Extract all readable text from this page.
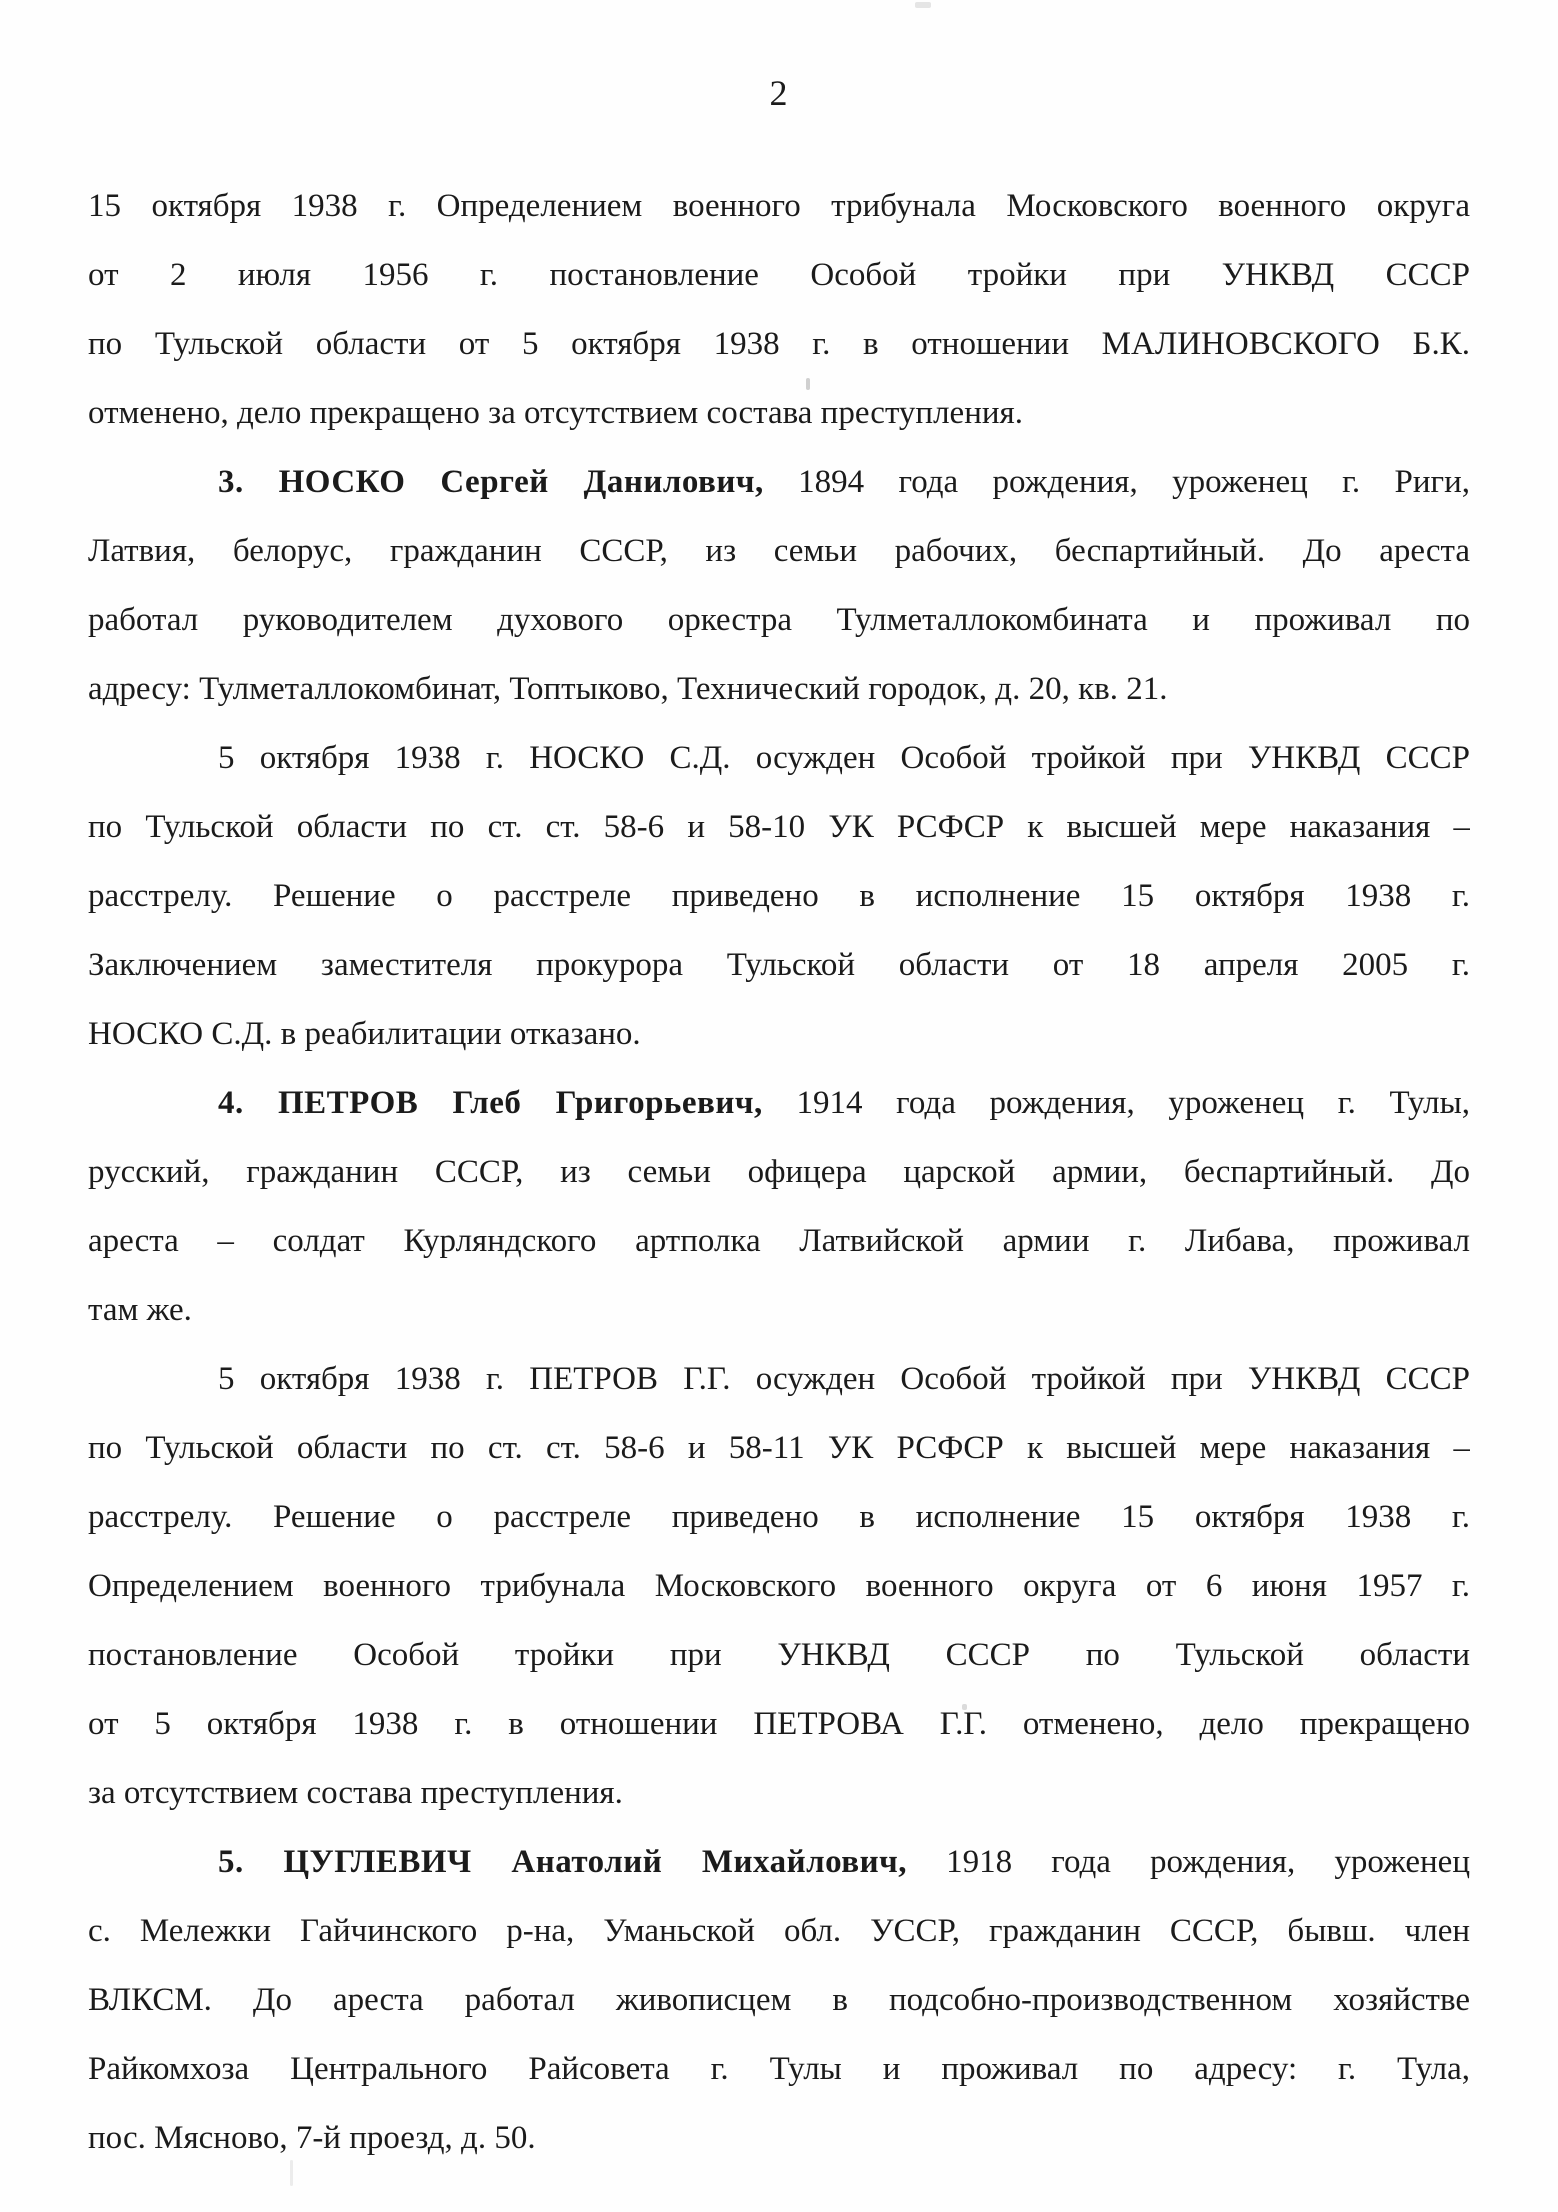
2
15 октября 1938 г. Определением военного трибунала Московского военного округа
от 2 июля 1956 г. постановление Особой тройки при УНКВД СССР
по Тульской области от 5 октября 1938 г. в отношении МАЛИНОВСКОГО Б.К.
отменено, дело прекращено за отсутствием состава преступления.
3. НОСКО Сергей Данилович, 1894 года рождения, уроженец г. Риги,
Латвия, белорус, гражданин СССР, из семьи рабочих, беспартийный. До ареста
работал руководителем духового оркестра Тулметаллокомбината и проживал по
адресу: Тулметаллокомбинат, Топтыково, Технический городок, д. 20, кв. 21.
5 октября 1938 г. НОСКО С.Д. осужден Особой тройкой при УНКВД СССР
по Тульской области по ст. ст. 58-6 и 58-10 УК РСФСР к высшей мере наказания –
расстрелу. Решение о расстреле приведено в исполнение 15 октября 1938 г.
Заключением заместителя прокурора Тульской области от 18 апреля 2005 г.
НОСКО С.Д. в реабилитации отказано.
4. ПЕТРОВ Глеб Григорьевич, 1914 года рождения, уроженец г. Тулы,
русский, гражданин СССР, из семьи офицера царской армии, беспартийный. До
ареста – солдат Курляндского артполка Латвийской армии г. Либава, проживал
там же.
5 октября 1938 г. ПЕТРОВ Г.Г. осужден Особой тройкой при УНКВД СССР
по Тульской области по ст. ст. 58-6 и 58-11 УК РСФСР к высшей мере наказания –
расстрелу. Решение о расстреле приведено в исполнение 15 октября 1938 г.
Определением военного трибунала Московского военного округа от 6 июня 1957 г.
постановление Особой тройки при УНКВД СССР по Тульской области
от 5 октября 1938 г. в отношении ПЕТРОВА Г.Г. отменено, дело прекращено
за отсутствием состава преступления.
5. ЦУГЛЕВИЧ Анатолий Михайлович, 1918 года рождения, уроженец
с. Мележки Гайчинского р-на, Уманьской обл. УССР, гражданин СССР, бывш. член
ВЛКСМ. До ареста работал живописцем в подсобно-производственном хозяйстве
Райкомхоза Центрального Райсовета г. Тулы и проживал по адресу: г. Тула,
пос. Мясново, 7-й проезд, д. 50.
